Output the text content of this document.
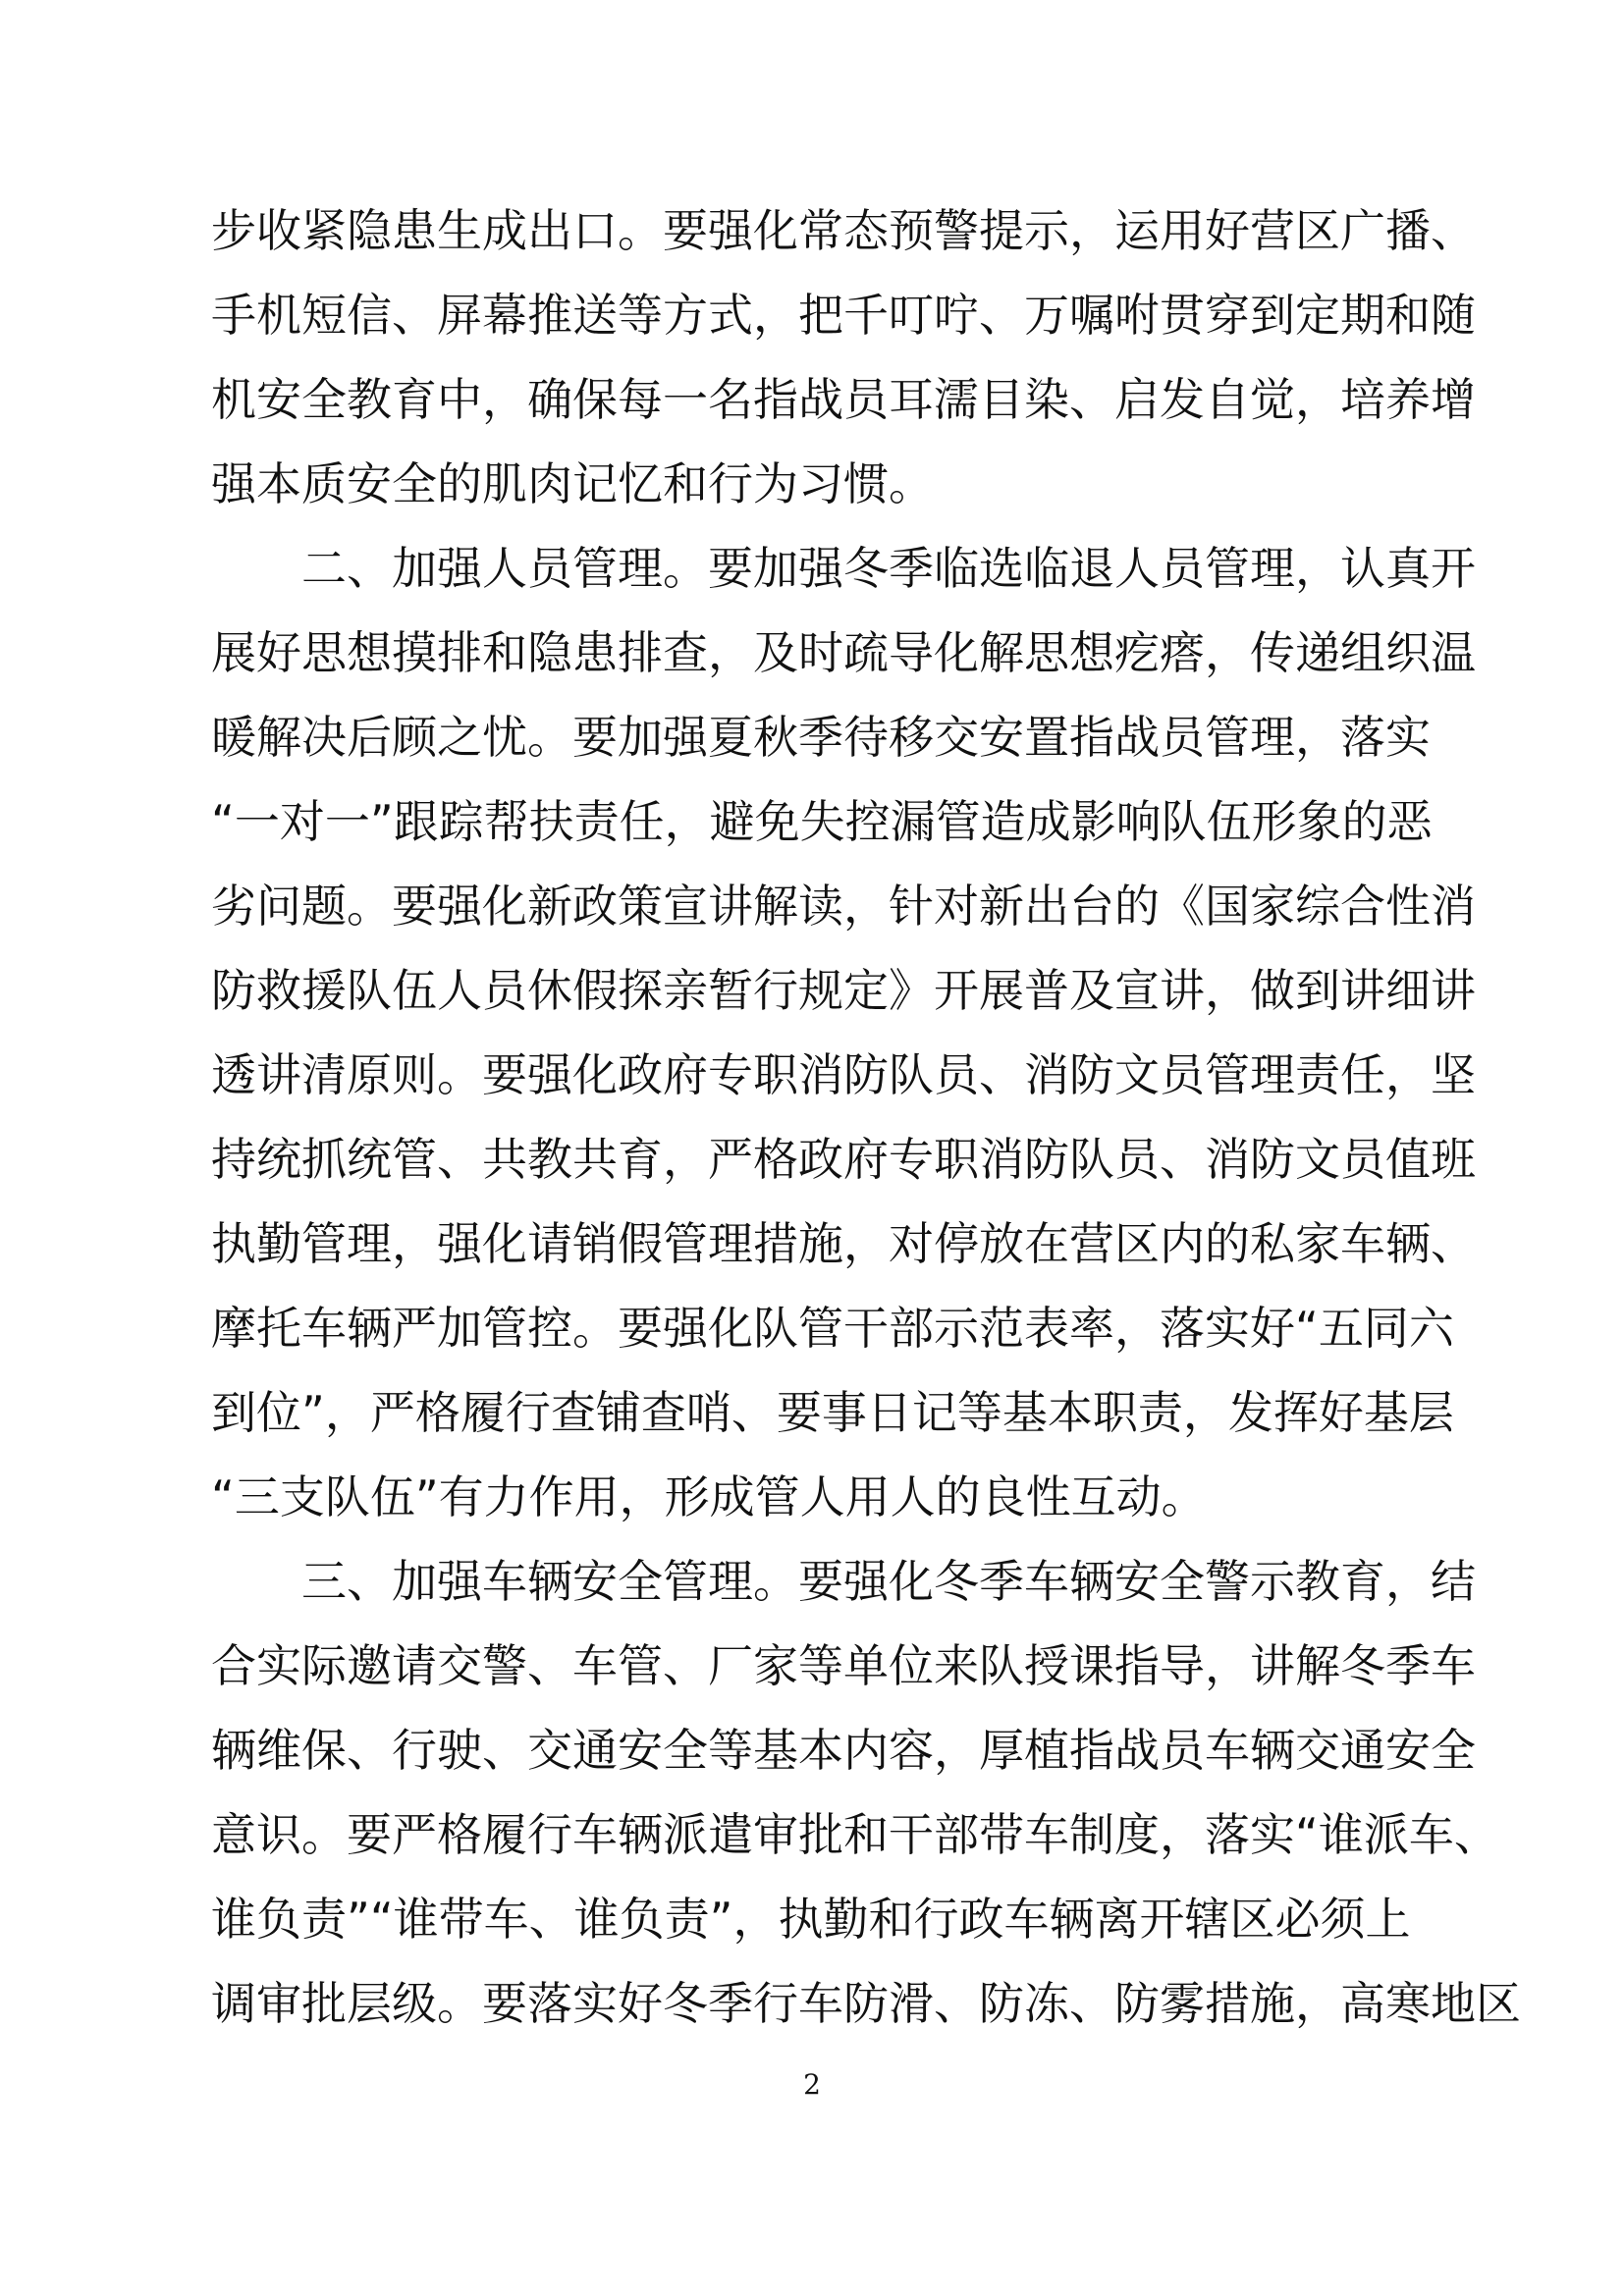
步收紧隐患生成出口。要强化常态预警提示，运用好营区广播、
手机短信、屏幕推送等方式，把千叮咛、万嘱咐贯穿到定期和随
机安全教育中，确保每一名指战员耳濡目染、启发自觉，培养增
强本质安全的肌肉记忆和行为习惯。
二、加强人员管理。要加强冬季临选临退人员管理，认真开
展好思想摸排和隐患排查，及时疏导化解思想疙瘩，传递组织温
暖解决后顾之忧。要加强夏秋季待移交安置指战员管理，落实
“一对一”跟踪帮扶责任，避免失控漏管造成影响队伍形象的恶
劣问题。要强化新政策宣讲解读，针对新出台的《国家综合性消
防救援队伍人员休假探亲暂行规定》开展普及宣讲，做到讲细讲
透讲清原则。要强化政府专职消防队员、消防文员管理责任，坚
持统抓统管、共教共育，严格政府专职消防队员、消防文员值班
执勤管理，强化请销假管理措施，对停放在营区内的私家车辆、
摩托车辆严加管控。要强化队管干部示范表率，落实好“五同六
到位”，严格履行查铺查哨、要事日记等基本职责，发挥好基层
“三支队伍”有力作用，形成管人用人的良性互动。
三、加强车辆安全管理。要强化冬季车辆安全警示教育，结
合实际邀请交警、车管、厂家等单位来队授课指导，讲解冬季车
辆维保、行驶、交通安全等基本内容，厚植指战员车辆交通安全
意识。要严格履行车辆派遣审批和干部带车制度，落实“谁派车、
谁负责”“谁带车、谁负责”，执勤和行政车辆离开辖区必须上
调审批层级。要落实好冬季行车防滑、防冻、防雾措施，高寒地区
2
